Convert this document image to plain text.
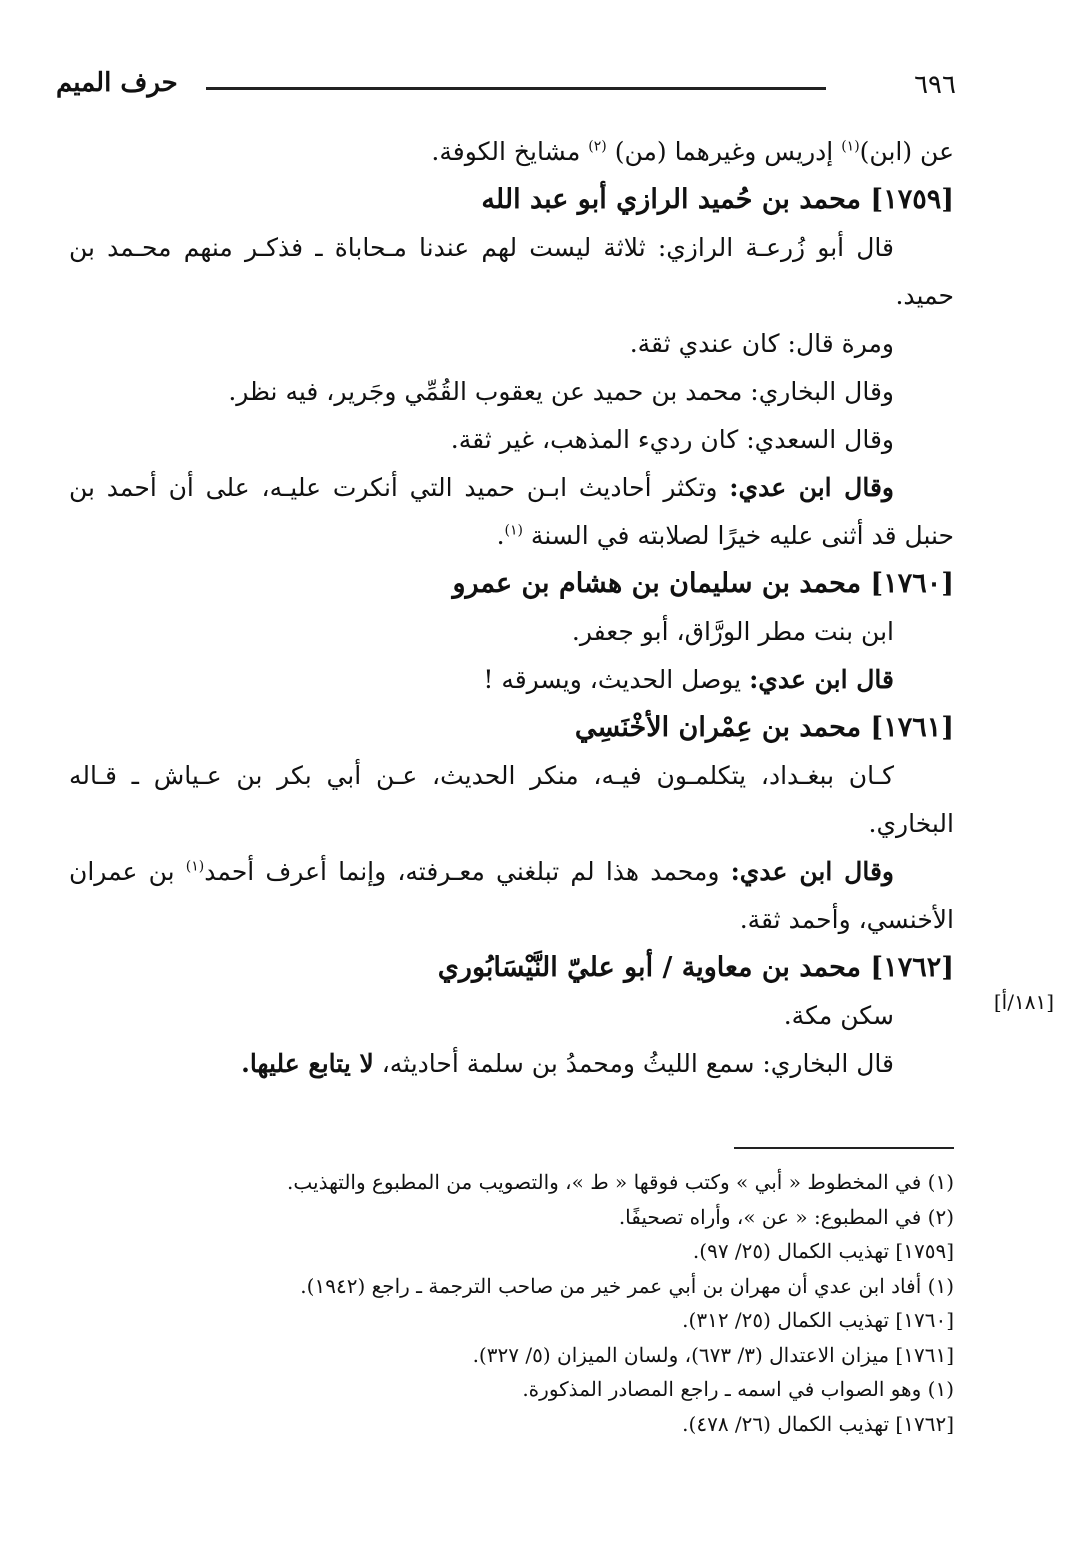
٦٩٦
حرف الميم
عن (ابن)$^{(١)}$ إدريس وغيرهما (من) $^{(٢)}$ مشايخ الكوفة.
[١٧٥٩] محمد بن حُميد الرازي أبو عبد الله
قال أبو زُرعـة الرازي: ثلاثة ليست لهم عندنا مـحاباة ـ فذكـر منهم محـمد بن
حميد.
ومرة قال: كان عندي ثقة.
وقال البخاري: محمد بن حميد عن يعقوب القُمِّي وجَرير، فيه نظر.
وقال السعدي: كان رديء المذهب، غير ثقة.
وقال ابن عدي: وتكثر أحاديث ابـن حميد التي أنكرت عليـه، على أن أحمد بن
حنبل قد أثنى عليه خيرًا لصلابته في السنة $^{(١)}$.
[١٧٦٠] محمد بن سليمان بن هشام بن عمرو
ابن بنت مطر الورَّاق، أبو جعفر.
قال ابن عدي: يوصل الحديث، ويسرقه !
[١٧٦١] محمد بن عِمْران الأخْنَسِي
كـان ببغـداد، يتكلمـون فيـه، منكر الحديث، عـن أبي بكر بن عـياش ـ قـاله
البخاري.
وقال ابن عدي: ومحمد هذا لم تبلغني معـرفته، وإنما أعرف أحمد$^{(١)}$ بن عمران
الأخنسي، وأحمد ثقة.
[١٧٦٢] محمد بن معاوية / أبو عليّ النَّيْسَابُوري
سكن مكة.
قال البخاري: سمع الليثُ ومحمدُ بن سلمة أحاديثه، لا يتابع عليها.
[١٨١/أ]
(١) في المخطوط « أبي » وكتب فوقها « ط »، والتصويب من المطبوع والتهذيب.
(٢) في المطبوع: « عن »، وأراه تصحيفًا.
[١٧٥٩] تهذيب الكمال (٢٥/ ٩٧).
(١) أفاد ابن عدي أن مهران بن أبي عمر خير من صاحب الترجمة ـ راجع (١٩٤٢).
[١٧٦٠] تهذيب الكمال (٢٥/ ٣١٢).
[١٧٦١] ميزان الاعتدال (٣/ ٦٧٣)، ولسان الميزان (٥/ ٣٢٧).
(١) وهو الصواب في اسمه ـ راجع المصادر المذكورة.
[١٧٦٢] تهذيب الكمال (٢٦/ ٤٧٨).
